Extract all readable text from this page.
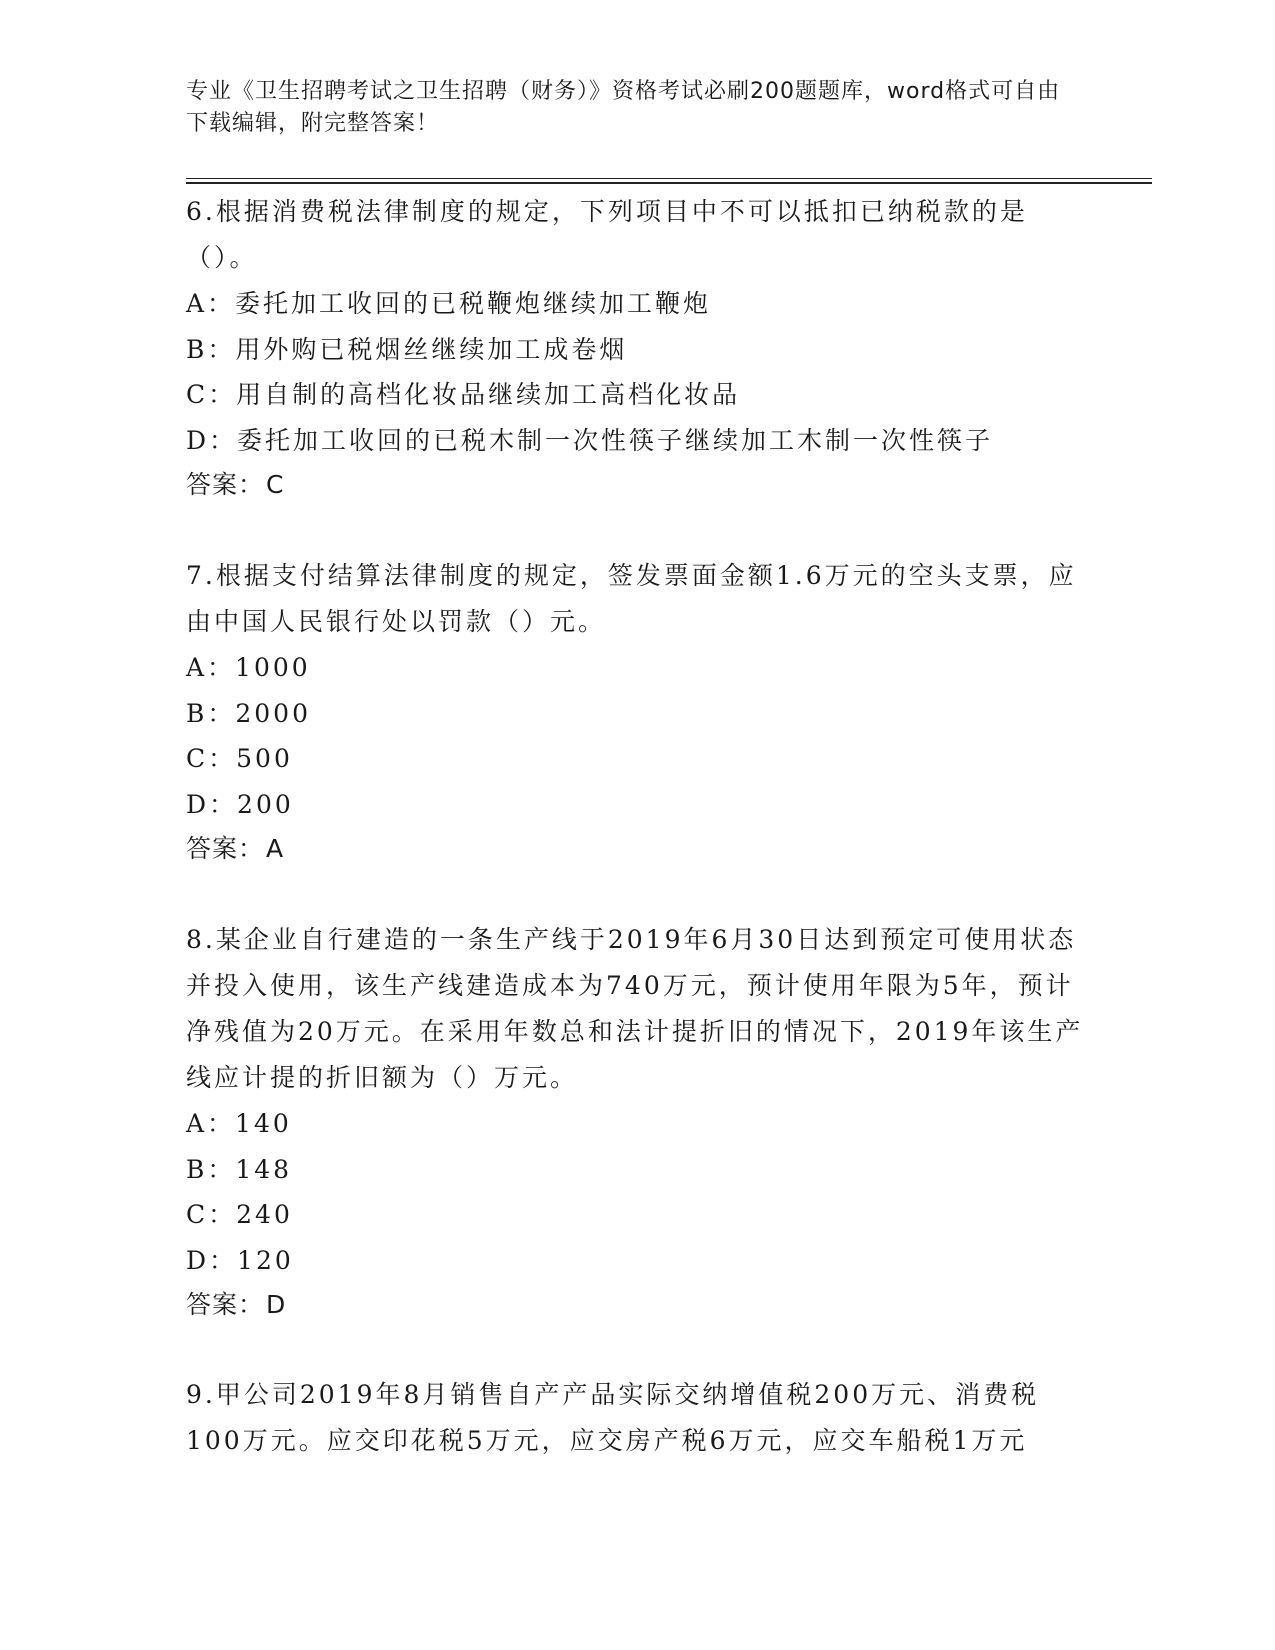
专业《卫生招聘考试之卫生招聘（财务）》资格考试必刷200题题库，word格式可自由下载编辑，附完整答案！
6.根据消费税法律制度的规定，下列项目中不可以抵扣已纳税款的是（）。
A：委托加工收回的已税鞭炮继续加工鞭炮
B：用外购已税烟丝继续加工成卷烟
C：用自制的高档化妆品继续加工高档化妆品
D：委托加工收回的已税木制一次性筷子继续加工木制一次性筷子
答案：C
7.根据支付结算法律制度的规定，签发票面金额1.6万元的空头支票，应由中国人民银行处以罚款（）元。
A：1000
B：2000
C：500
D：200
答案：A
8.某企业自行建造的一条生产线于2019年6月30日达到预定可使用状态并投入使用，该生产线建造成本为740万元，预计使用年限为5年，预计净残值为20万元。在采用年数总和法计提折旧的情况下，2019年该生产线应计提的折旧额为（）万元。
A：140
B：148
C：240
D：120
答案：D
9.甲公司2019年8月销售自产产品实际交纳增值税200万元、消费税100万元。应交印花税5万元，应交房产税6万元，应交车船税1万元
